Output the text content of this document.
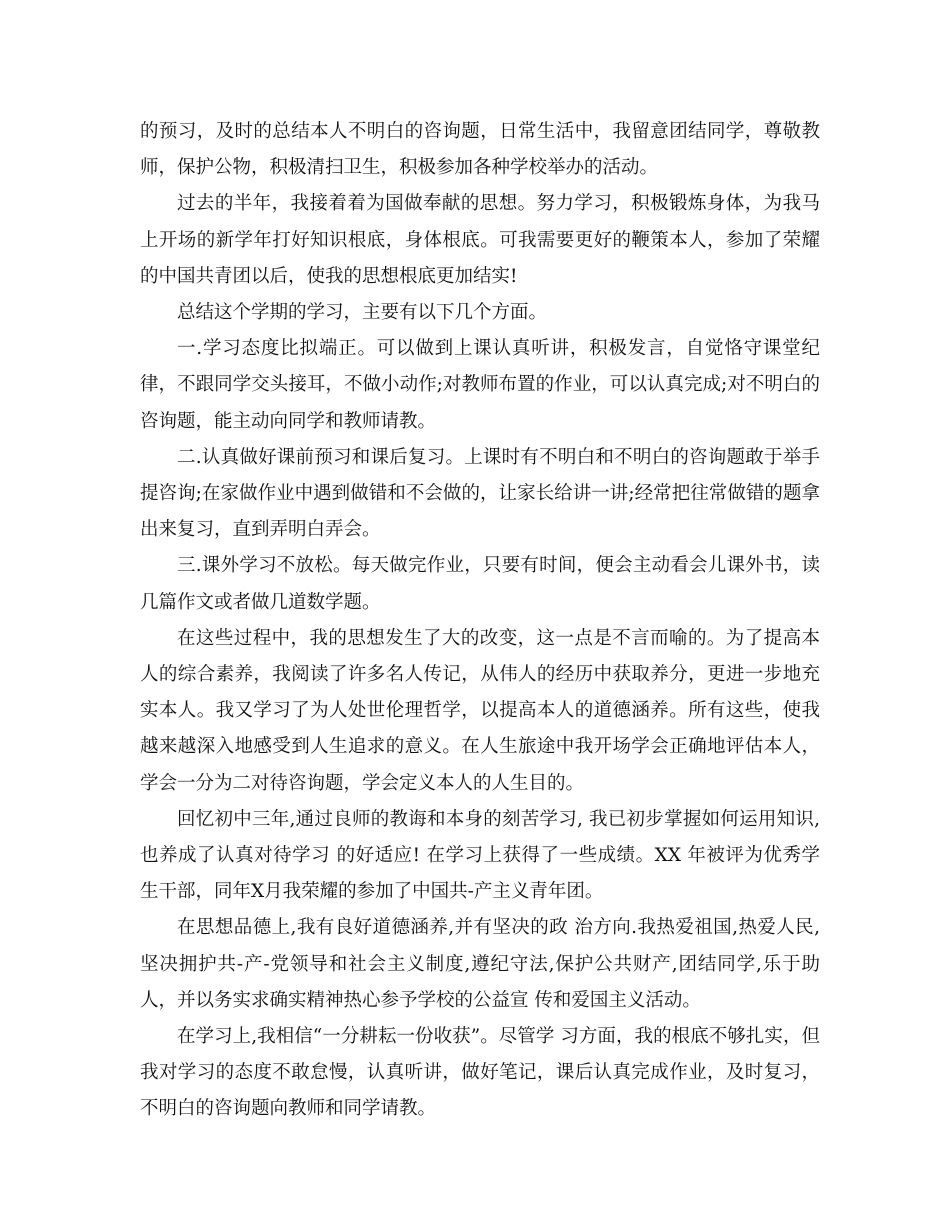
的预习，及时的总结本人不明白的咨询题，日常生活中，我留意团结同学，尊敬教师，保护公物，积极清扫卫生，积极参加各种学校举办的活动。

过去的半年，我接着着为国做奉献的思想。努力学习，积极锻炼身体，为我马上开场的新学年打好知识根底，身体根底。可我需要更好的鞭策本人，参加了荣耀的中国共青团以后，使我的思想根底更加结实!

总结这个学期的学习，主要有以下几个方面。

一.学习态度比拟端正。可以做到上课认真听讲，积极发言，自觉恪守课堂纪律，不跟同学交头接耳，不做小动作;对教师布置的作业，可以认真完成;对不明白的咨询题，能主动向同学和教师请教。

二.认真做好课前预习和课后复习。上课时有不明白和不明白的咨询题敢于举手提咨询;在家做作业中遇到做错和不会做的，让家长给讲一讲;经常把往常做错的题拿出来复习，直到弄明白弄会。

三.课外学习不放松。每天做完作业，只要有时间，便会主动看会儿课外书，读几篇作文或者做几道数学题。

在这些过程中，我的思想发生了大的改变，这一点是不言而喻的。为了提高本人的综合素养，我阅读了许多名人传记，从伟人的经历中获取养分，更进一步地充实本人。我又学习了为人处世伦理哲学，以提高本人的道德涵养。所有这些，使我越来越深入地感受到人生追求的意义。在人生旅途中我开场学会正确地评估本人，学会一分为二对待咨询题，学会定义本人的人生目的。

回忆初中三年,通过良师的教诲和本身的刻苦学习, 我已初步掌握如何运用知识,也养成了认真对待学习 的好适应! 在学习上获得了一些成绩。XX 年被评为优秀学生干部，同年X月我荣耀的参加了中国共-产主义青年团。

在思想品德上,我有良好道德涵养,并有坚决的政 治方向.我热爱祖国,热爱人民,坚决拥护共-产-党领导和社会主义制度,遵纪守法,保护公共财产,团结同学,乐于助人，并以务实求确实精神热心参予学校的公益宣 传和爱国主义活动。

在学习上,我相信“一分耕耘一份收获”。尽管学 习方面，我的根底不够扎实，但我对学习的态度不敢怠慢，认真听讲，做好笔记，课后认真完成作业，及时复习，不明白的咨询题向教师和同学请教。
